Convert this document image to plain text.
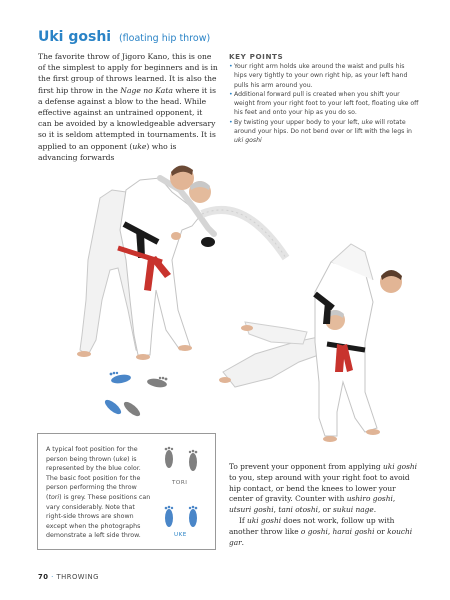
Uki goshi (floating hip throw)

The favorite throw of Jigoro Kano, this is one of the simplest to apply for beginners and is in the first group of throws learned. It is also the first hip throw in the Nage no Kata where it is a defense against a blow to the head. While effective against an untrained opponent, it can be avoided by a knowledgeable adversary so it is seldom attempted in tournaments. It is applied to an opponent (uke) who is advancing forwards

KEY POINTS
• Your right arm holds uke around the waist and pulls his hips very tightly to your own right hip, as your left hand pulls his arm around you.
• Additional forward pull is created when you shift your weight from your right foot to your left foot, floating uke off his feet and onto your hip as you do so.
• By twisting your upper body to your left, uke will rotate around your hips. Do not bend over or lift with the legs in uki goshi
A typical foot position for the person being thrown (uke) is represented by the blue color. The basic foot position for the person performing the throw (tori) is grey. These positions can vary considerably. Note that right-side throws are shown except when the photographs demonstrate a left side throw.
TORI
UKE

To prevent your opponent from applying uki goshi to you, step around with your right foot to avoid hip contact, or bend the knees to lower your center of gravity. Counter with ushiro goshi, utsuri goshi, tani otoshi, or sukui nage.

If uki goshi does not work, follow up with another throw like o goshi, harai goshi or kouchi gar.

70 · THROWING
